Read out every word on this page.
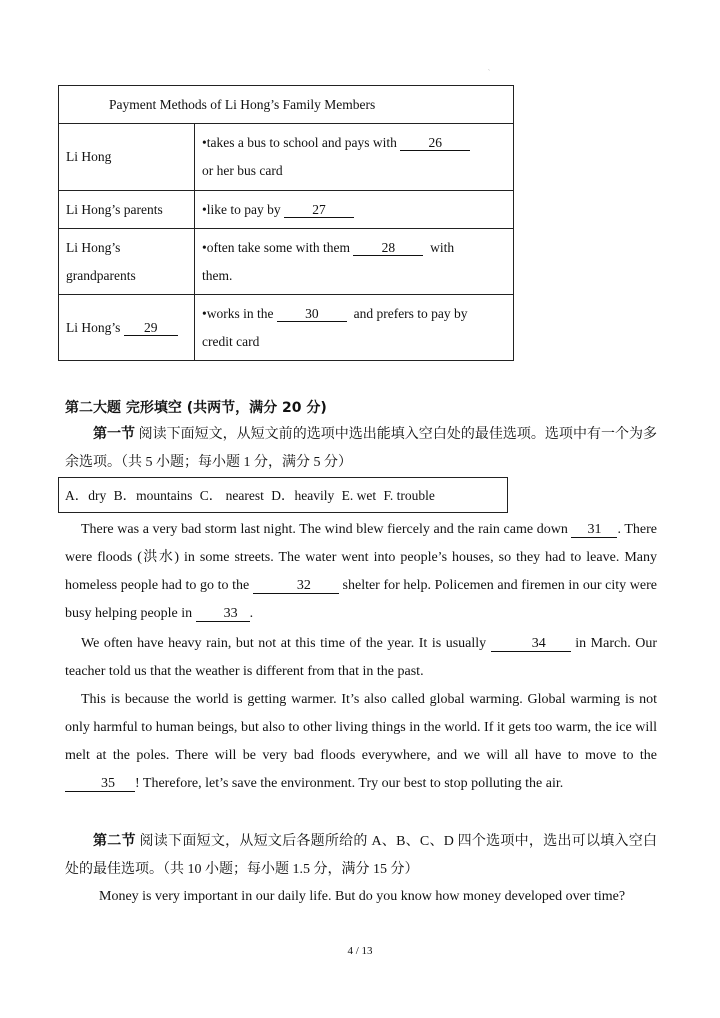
`
Payment Methods of Li Hong’s Family Members	
Li Hong	•takes a bus to school and pays with 26
or her bus card
Li Hong’s parents	•like to pay by 27
Li Hong’s
grandparents	•often take some with them 28 with
them.
Li Hong’s 29	•works in the 30 and prefers to pay by
credit card
第二大题 完形填空 (共两节，满分 20 分)
第一节 阅读下面短文，从短文前的选项中选出能填入空白处的最佳选项。选项中有一个为多余选项。（共 5 小题；每小题 1 分，满分 5 分）
A．dry B．mountains C． nearest D．heavily E. wet F. trouble
There was a very bad storm last night. The wind blew fiercely and the rain came down 31 . There were floods (洪水) in some streets. The water went into people’s houses, so they had to leave. Many homeless people had to go to the	32 shelter for help. Policemen and firemen in our city were busy helping people in 33 .
We often have heavy rain, but not at this time of the year. It is usually	34 in March. Our teacher told us that the weather is different from that in the past.
This is because the world is getting warmer. It’s also called global warming. Global warming is not only harmful to human beings, but also to other living things in the world. If it gets too warm, the ice will melt at the poles. There will be very bad floods everywhere, and we will all have to move to the 35 ! Therefore, let’s save the environment. Try our best to stop polluting the air.
第二节 阅读下面短文，从短文后各题所给的 A、B、C、D 四个选项中，选出可以填入空白处的最佳选项。（共 10 小题；每小题 1.5 分，满分 15 分）
Money is very important in our daily life. But do you know how money developed over time?
4 / 13
